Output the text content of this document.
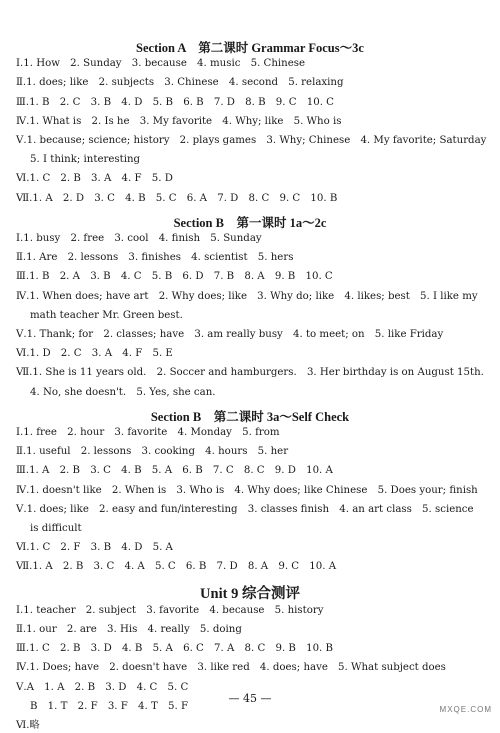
Section A　第二课时 Grammar Focus～3c
Ⅰ.1. How　2. Sunday　3. because　4. music　5. Chinese
Ⅱ.1. does; like　2. subjects　3. Chinese　4. second　5. relaxing
Ⅲ.1. B　2. C　3. B　4. D　5. B　6. B　7. D　8. B　9. C　10. C
Ⅳ.1. What is　2. Is he　3. My favorite　4. Why; like　5. Who is
Ⅴ.1. because; science; history　2. plays games　3. Why; Chinese　4. My favorite; Saturday
5. I think; interesting
Ⅵ.1. C　2. B　3. A　4. F　5. D
Ⅶ.1. A　2. D　3. C　4. B　5. C　6. A　7. D　8. C　9. C　10. B
Section B　第一课时 1a～2c
Ⅰ.1. busy　2. free　3. cool　4. finish　5. Sunday
Ⅱ.1. Are　2. lessons　3. finishes　4. scientist　5. hers
Ⅲ.1. B　2. A　3. B　4. C　5. B　6. D　7. B　8. A　9. B　10. C
Ⅳ.1. When does; have art　2. Why does; like　3. Why do; like　4. likes; best　5. I like my
math teacher Mr. Green best.
Ⅴ.1. Thank; for　2. classes; have　3. am really busy　4. to meet; on　5. like Friday
Ⅵ.1. D　2. C　3. A　4. F　5. E
Ⅶ.1. She is 11 years old.　2. Soccer and hamburgers.　3. Her birthday is on August 15th.
4. No, she doesn't.　5. Yes, she can.
Section B　第二课时 3a～Self Check
Ⅰ.1. free　2. hour　3. favorite　4. Monday　5. from
Ⅱ.1. useful　2. lessons　3. cooking　4. hours　5. her
Ⅲ.1. A　2. B　3. C　4. B　5. A　6. B　7. C　8. C　9. D　10. A
Ⅳ.1. doesn't like　2. When is　3. Who is　4. Why does; like Chinese　5. Does your; finish
Ⅴ.1. does; like　2. easy and fun/interesting　3. classes finish　4. an art class　5. science
is difficult
Ⅵ.1. C　2. F　3. B　4. D　5. A
Ⅶ.1. A　2. B　3. C　4. A　5. C　6. B　7. D　8. A　9. C　10. A
Unit 9 综合测评
Ⅰ.1. teacher　2. subject　3. favorite　4. because　5. history
Ⅱ.1. our　2. are　3. His　4. really　5. doing
Ⅲ.1. C　2. B　3. D　4. B　5. A　6. C　7. A　8. C　9. B　10. B
Ⅳ.1. Does; have　2. doesn't have　3. like red　4. does; have　5. What subject does
Ⅴ.A　1. A　2. B　3. D　4. C　5. C
B　1. T　2. F　3. F　4. T　5. F
Ⅵ.略
— 45 —
MXQE.COM
